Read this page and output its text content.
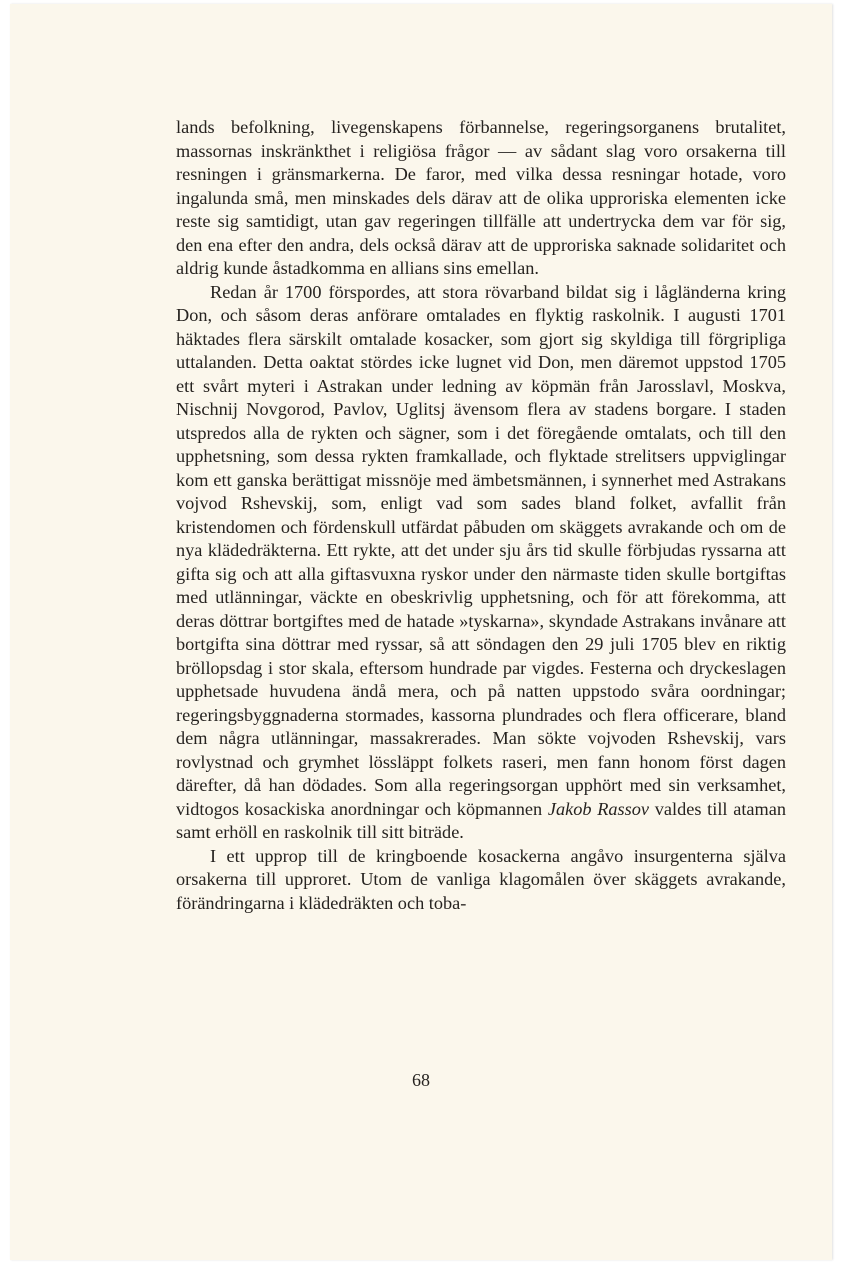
lands befolkning, livegenskapens förbannelse, regeringsorganens brutalitet, massornas inskränkthet i religiösa frågor — av sådant slag voro orsakerna till resningen i gränsmarkerna. De faror, med vilka dessa resningar hotade, voro ingalunda små, men minskades dels därav att de olika upproriska elementen icke reste sig samtidigt, utan gav regeringen tillfälle att undertrycka dem var för sig, den ena efter den andra, dels också därav att de upproriska saknade solidaritet och aldrig kunde åstadkomma en allians sins emellan.

Redan år 1700 förspordes, att stora rövarband bildat sig i lågländerna kring Don, och såsom deras anförare omtalades en flyktig raskolnik. I augusti 1701 häktades flera särskilt omtalade kosacker, som gjort sig skyldiga till förgripliga uttalanden. Detta oaktat stördes icke lugnet vid Don, men däremot uppstod 1705 ett svårt myteri i Astrakan under ledning av köpmän från Jarosslavl, Moskva, Nischnij Novgorod, Pavlov, Uglitsj ävensom flera av stadens borgare. I staden utspredos alla de rykten och sägner, som i det föregående omtalats, och till den upphetsning, som dessa rykten framkallade, och flyktade strelitsers uppviglingar kom ett ganska berättigat missnöje med ämbetsmännen, i synnerhet med Astrakans vojvod Rshevskij, som, enligt vad som sades bland folket, avfallit från kristendomen och fördenskull utfärdat påbuden om skäggets avrakande och om de nya klädedräkterna. Ett rykte, att det under sju års tid skulle förbjudas ryssarna att gifta sig och att alla giftasvuxna ryskor under den närmaste tiden skulle bortgiftas med utlänningar, väckte en obeskrivlig upphetsning, och för att förekomma, att deras döttrar bortgiftes med de hatade »tyskarna», skyndade Astrakans invånare att bortgifta sina döttrar med ryssar, så att söndagen den 29 juli 1705 blev en riktig bröllopsdag i stor skala, eftersom hundrade par vigdes. Festerna och dryckeslagen upphetsade huvudena ändå mera, och på natten uppstodo svåra oordningar; regeringsbyggnaderna stormades, kassorna plundrades och flera officerare, bland dem några utlänningar, massakrerades. Man sökte vojvoden Rshevskij, vars rovlystnad och grymhet lössläppt folkets raseri, men fann honom först dagen därefter, då han dödades. Som alla regeringsorgan upphört med sin verksamhet, vidtogos kosackiska anordningar och köpmannen Jakob Rassov valdes till ataman samt erhöll en raskolnik till sitt biträde.

I ett upprop till de kringboende kosackerna angåvo insurgenterna själva orsakerna till upproret. Utom de vanliga klagomålen över skäggets avrakande, förändringarna i klädedräkten och toba-

68
